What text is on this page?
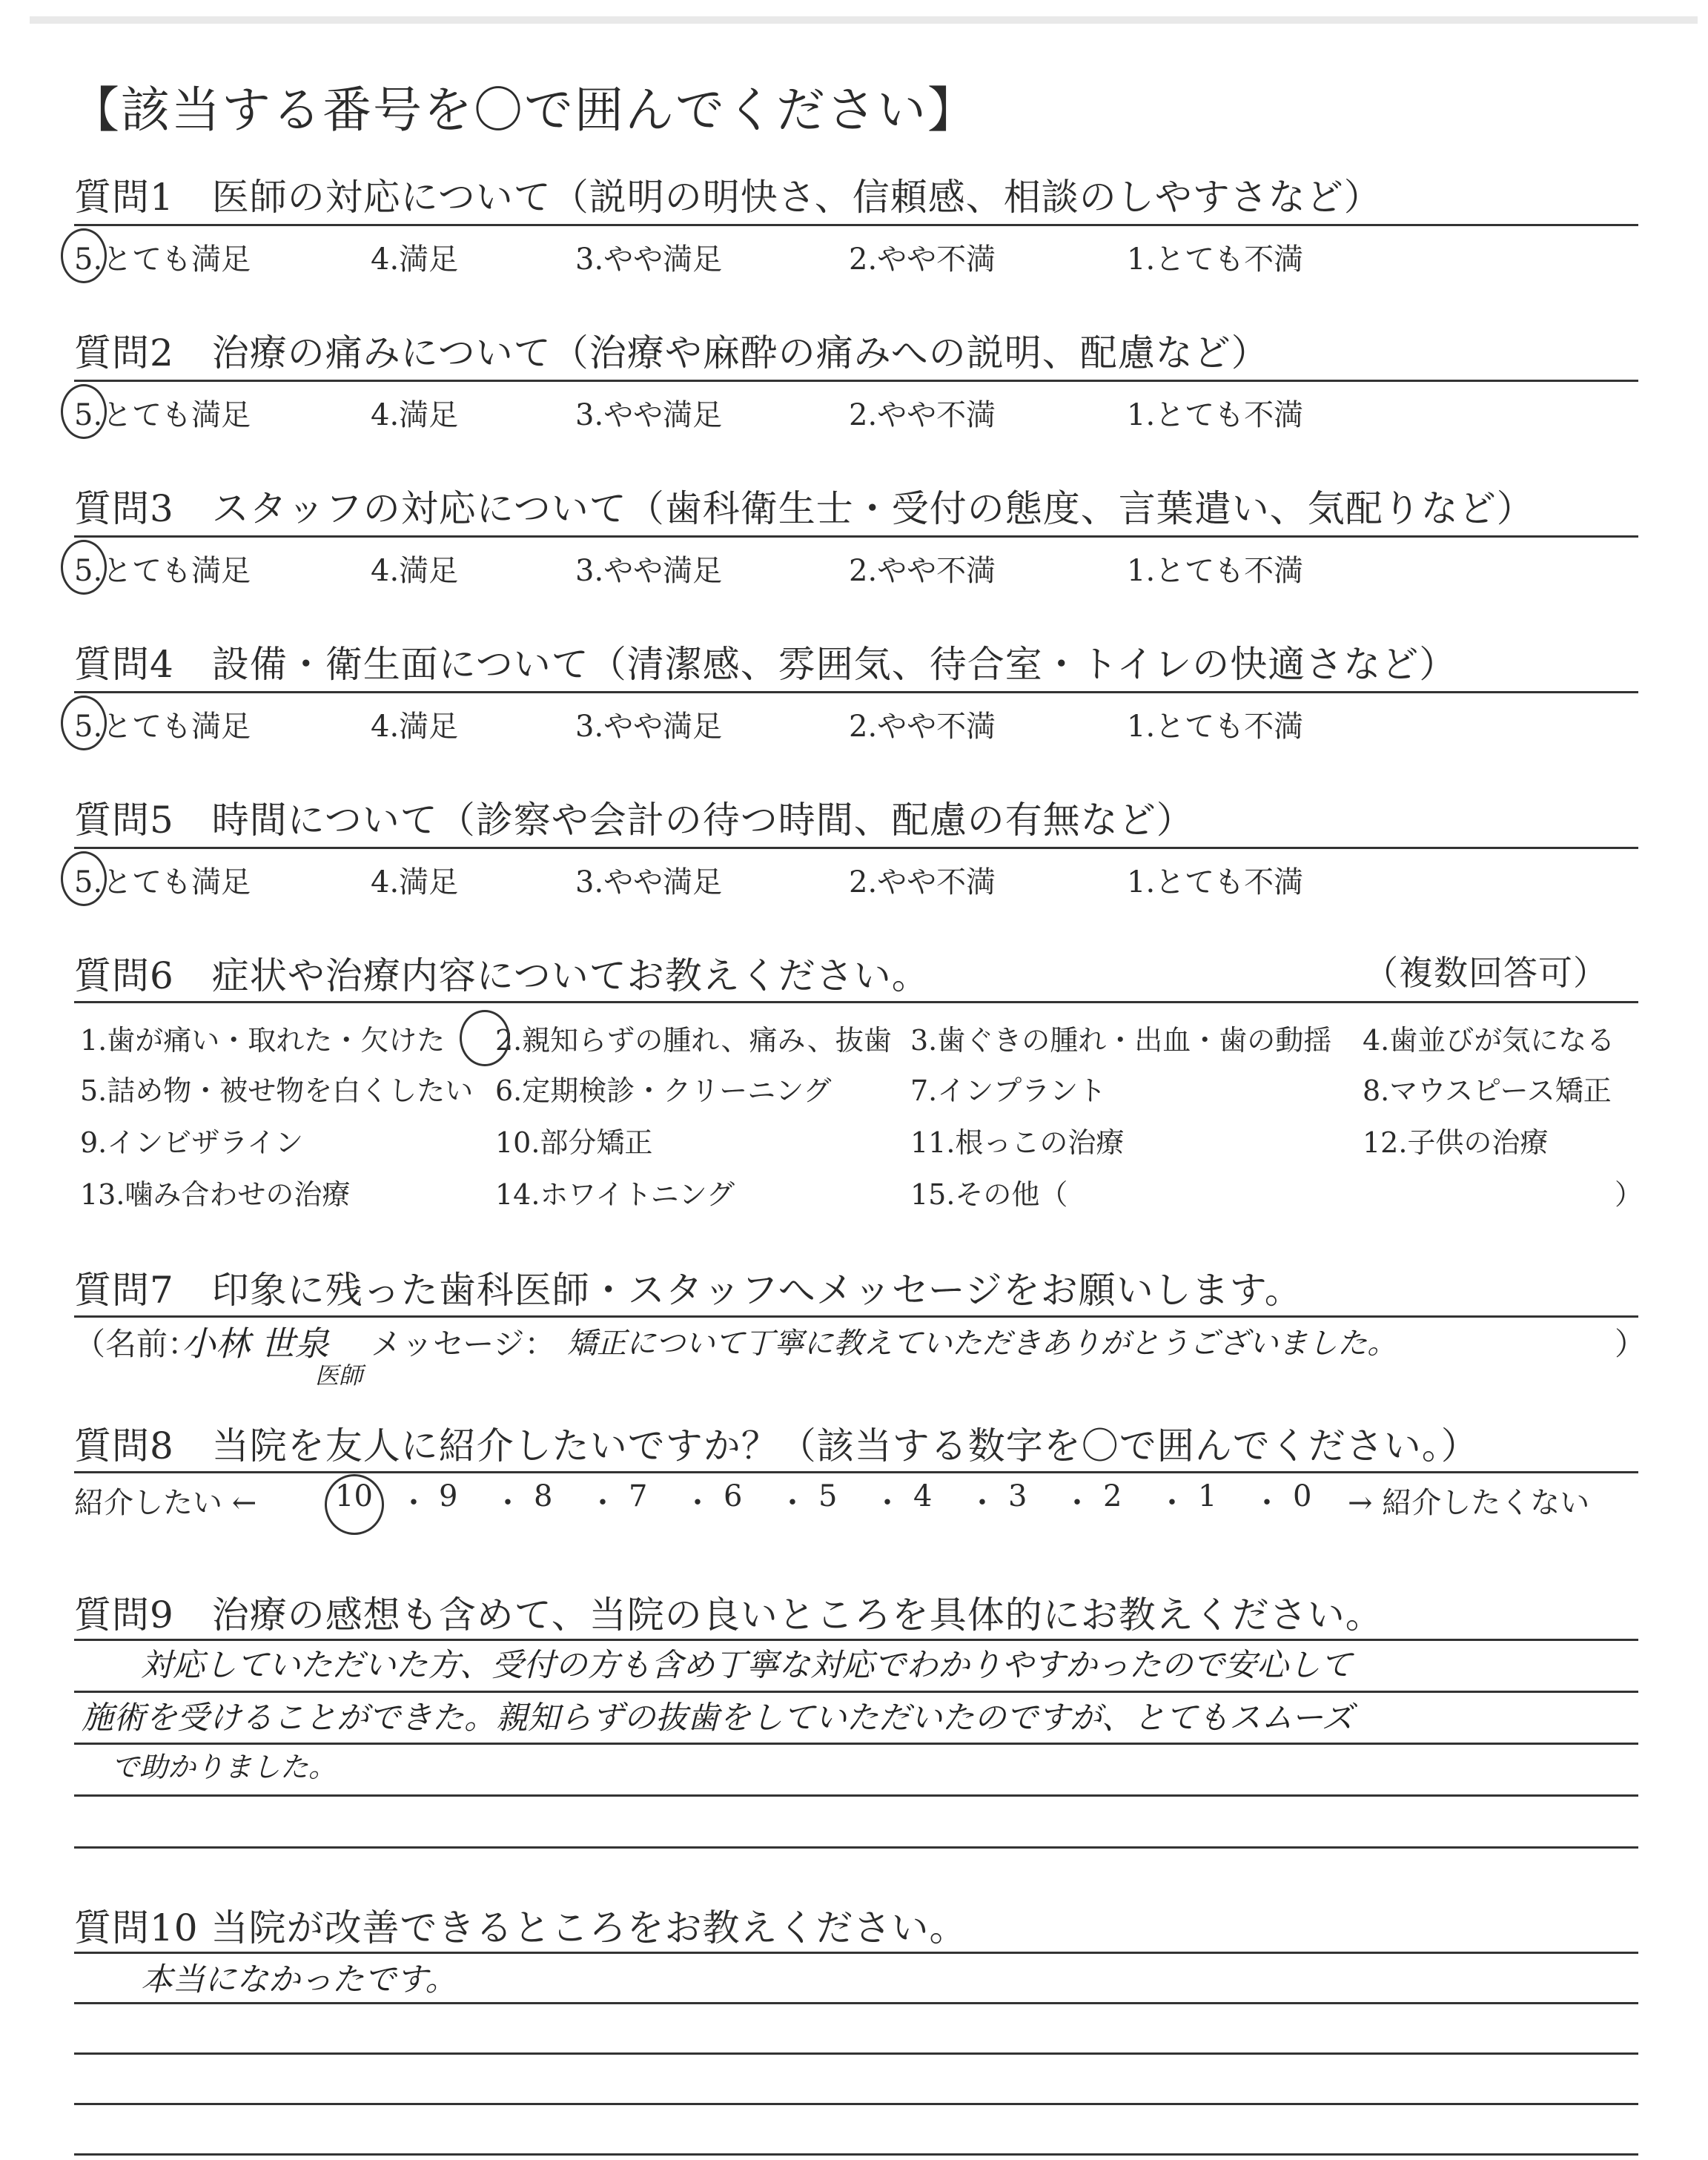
【該当する番号を〇で囲んでください】
質問1　医師の対応について（説明の明快さ、信頼感、相談のしやすさなど）
5.とても満足	4.満足	3.やや満足	2.やや不満	1.とても不満
質問2　治療の痛みについて（治療や麻酔の痛みへの説明、配慮など）
5.とても満足	4.満足	3.やや満足	2.やや不満	1.とても不満
質問3　スタッフの対応について（歯科衛生士・受付の態度、言葉遣い、気配りなど）
5.とても満足	4.満足	3.やや満足	2.やや不満	1.とても不満
質問4　設備・衛生面について（清潔感、雰囲気、待合室・トイレの快適さなど）
5.とても満足	4.満足	3.やや満足	2.やや不満	1.とても不満
質問5　時間について（診察や会計の待つ時間、配慮の有無など）
5.とても満足	4.満足	3.やや満足	2.やや不満	1.とても不満
質問6　症状や治療内容についてお教えください。	（複数回答可）
1.歯が痛い・取れた・欠けた 2.親知らずの腫れ、痛み、抜歯 3.歯ぐきの腫れ・出血・歯の動揺 4.歯並びが気になる
5.詰め物・被せ物を白くしたい 6.定期検診・クリーニング	7.インプラント	8.マウスピース矯正
9.インビザライン	10.部分矯正	11.根っこの治療	12.子供の治療
13.噛み合わせの治療	14.ホワイトニング	15.その他（	）
質問7　印象に残った歯科医師・スタッフへメッセージをお願いします。
（名前：
小林 世泉
医師
メッセージ： 矯正について丁寧に教えていただきありがとうございました。	）
質問8　当院を友人に紹介したいですか？（該当する数字を〇で囲んでください。）
紹介したい ←	10 ・ 9 ・ 8 ・ 7 ・ 6 ・ 5 ・ 4 ・ 3 ・ 2 ・ 1 ・ 0 → 紹介したくない
質問9　治療の感想も含めて、当院の良いところを具体的にお教えください。
対応していただいた方、受付の方も含め丁寧な対応でわかりやすかったので安心して
施術を受けることができた。親知らずの抜歯をしていただいたのですが、とてもスムーズ
で助かりました。
質問10 当院が改善できるところをお教えください。
本当になかったです。
